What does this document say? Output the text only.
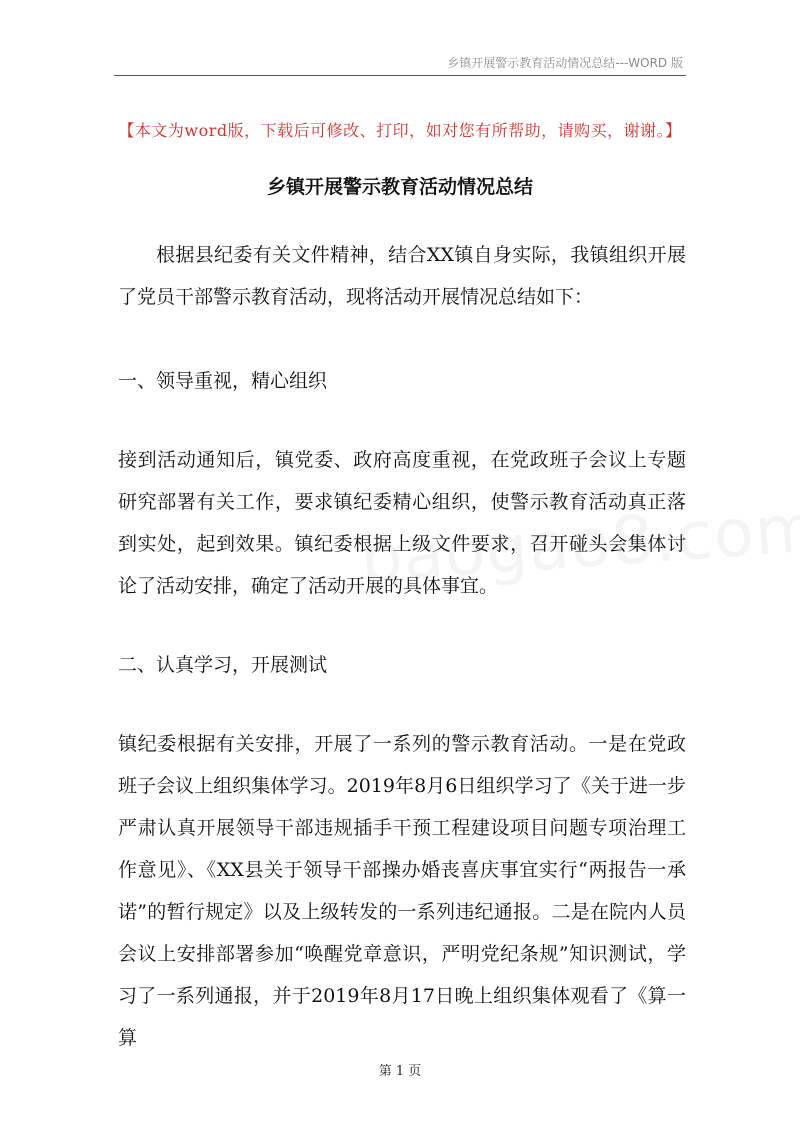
乡镇开展警示教育活动情况总结---WORD 版
【本文为word版，下载后可修改、打印，如对您有所帮助，请购买，谢谢。】
乡镇开展警示教育活动情况总结

根据县纪委有关文件精神，结合XX镇自身实际，我镇组织开展了党员干部警示教育活动，现将活动开展情况总结如下：

一、领导重视，精心组织

接到活动通知后，镇党委、政府高度重视，在党政班子会议上专题研究部署有关工作，要求镇纪委精心组织，使警示教育活动真正落到实处，起到效果。镇纪委根据上级文件要求，召开碰头会集体讨论了活动安排，确定了活动开展的具体事宜。

二、认真学习，开展测试

镇纪委根据有关安排，开展了一系列的警示教育活动。一是在党政班子会议上组织集体学习。2019年8月6日组织学习了《关于进一步严肃认真开展领导干部违规插手干预工程建设项目问题专项治理工作意见》、《XX县关于领导干部操办婚丧喜庆事宜实行“两报告一承诺”的暂行规定》以及上级转发的一系列违纪通报。二是在院内人员会议上安排部署参加“唤醒党章意识，严明党纪条规”知识测试，学习了一系列通报，并于2019年8月17日晚上组织集体观看了《算一算

第 1 页
